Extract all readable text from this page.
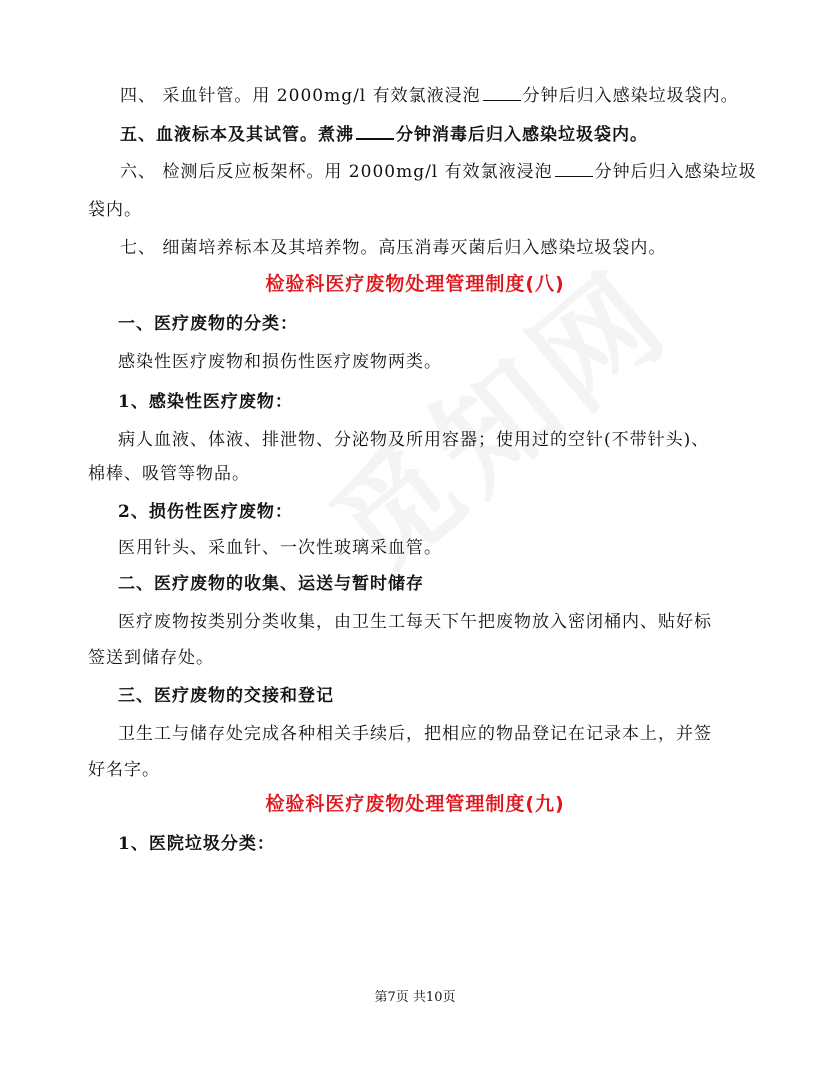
四、 采血针管。用 2000mg/l 有效氯液浸泡 分钟后归入感染垃圾袋内。
五、血液标本及其试管。煮沸 分钟消毒后归入感染垃圾袋内。
六、 检测后反应板架杯。用 2000mg/l 有效氯液浸泡 分钟后归入感染垃圾
袋内。
七、 细菌培养标本及其培养物。高压消毒灭菌后归入感染垃圾袋内。
检验科医疗废物处理管理制度(八)
一、医疗废物的分类：
感染性医疗废物和损伤性医疗废物两类。
1、感染性医疗废物：
病人血液、体液、排泄物、分泌物及所用容器；使用过的空针(不带针头)、
棉棒、吸管等物品。
2、损伤性医疗废物：
医用针头、采血针、一次性玻璃采血管。
二、医疗废物的收集、运送与暂时储存
医疗废物按类别分类收集，由卫生工每天下午把废物放入密闭桶内、贴好标
签送到储存处。
三、医疗废物的交接和登记
卫生工与储存处完成各种相关手续后，把相应的物品登记在记录本上，并签
好名字。
检验科医疗废物处理管理制度(九)
1、医院垃圾分类：
第7页 共10页
